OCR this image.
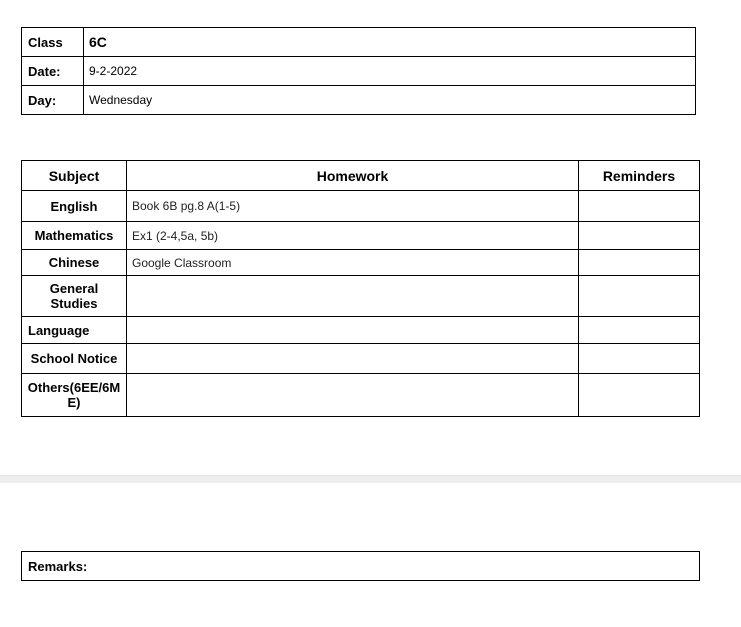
Class	6C
Date:	9-2-2022
Day:	Wednesday
Subject	Homework	Reminders
English	Book 6B pg.8 A(1-5)	
Mathematics	Ex1 (2-4,5a, 5b)	
Chinese	Google Classroom	
General Studies		
Language		
School Notice		
Others(6EE/6ME)		
Remarks:
